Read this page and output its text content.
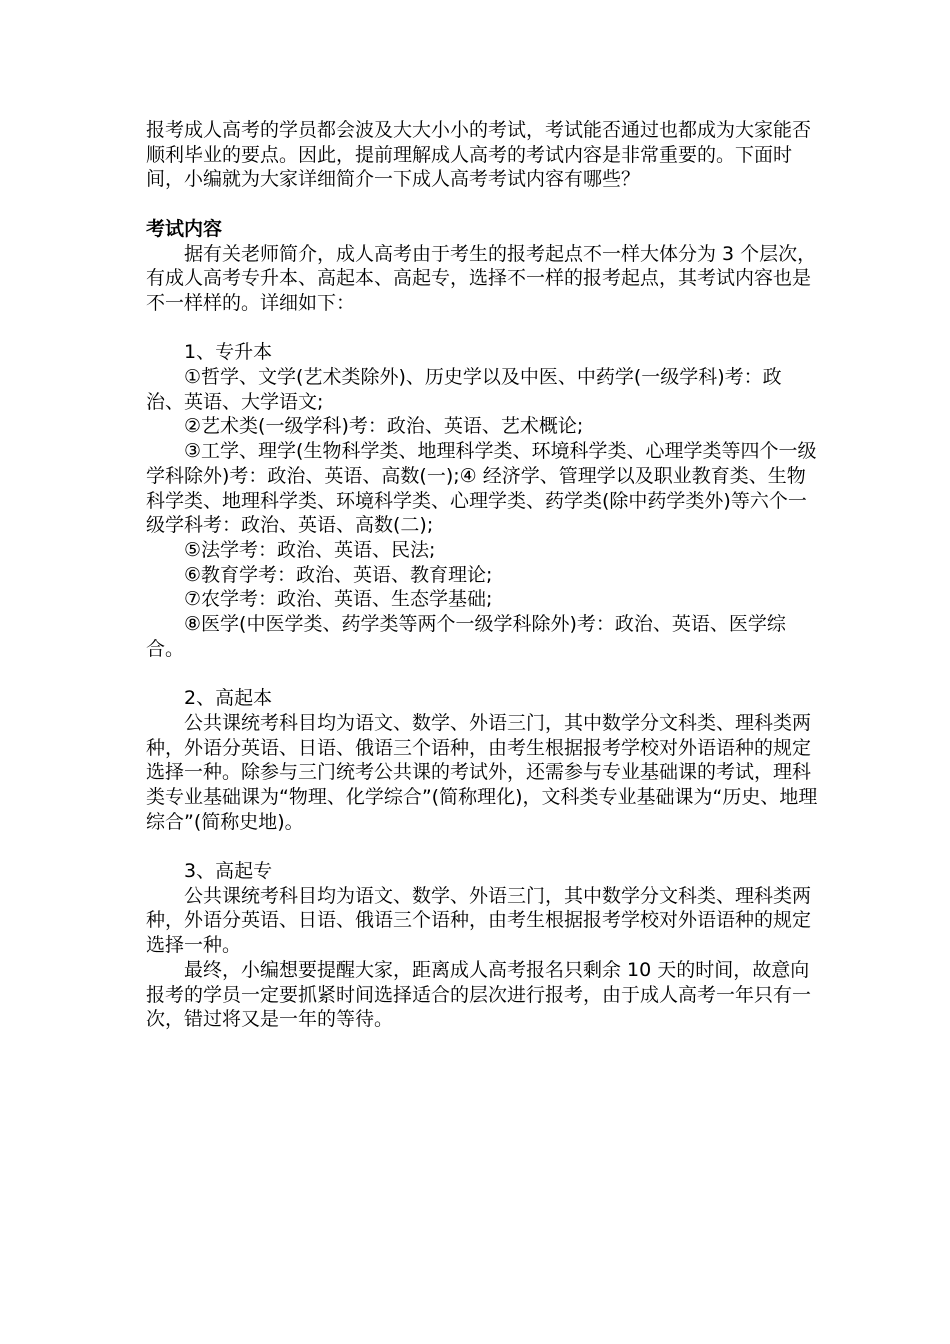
报考成人高考的学员都会波及大大小小的考试，考试能否通过也都成为大家能否顺利毕业的要点。因此，提前理解成人高考的考试内容是非常重要的。下面时间，小编就为大家详细简介一下成人高考考试内容有哪些？

考试内容

据有关老师简介，成人高考由于考生的报考起点不一样大体分为 3 个层次，有成人高考专升本、高起本、高起专，选择不一样的报考起点，其考试内容也是不一样样的。详细如下：

1、专升本

①哲学、文学(艺术类除外)、历史学以及中医、中药学(一级学科)考：政治、英语、大学语文;

②艺术类(一级学科)考：政治、英语、艺术概论;

③工学、理学(生物科学类、地理科学类、环境科学类、心理学类等四个一级学科除外)考：政治、英语、高数(一);④ 经济学、管理学以及职业教育类、生物科学类、地理科学类、环境科学类、心理学类、药学类(除中药学类外)等六个一级学科考：政治、英语、高数(二);

⑤法学考：政治、英语、民法;

⑥教育学考：政治、英语、教育理论;

⑦农学考：政治、英语、生态学基础;

⑧医学(中医学类、药学类等两个一级学科除外)考：政治、英语、医学综合。

2、高起本

公共课统考科目均为语文、数学、外语三门，其中数学分文科类、理科类两种，外语分英语、日语、俄语三个语种，由考生根据报考学校对外语语种的规定选择一种。除参与三门统考公共课的考试外，还需参与专业基础课的考试，理科类专业基础课为“物理、化学综合”(简称理化)，文科类专业基础课为“历史、地理综合”(简称史地)。

3、高起专

公共课统考科目均为语文、数学、外语三门，其中数学分文科类、理科类两种，外语分英语、日语、俄语三个语种，由考生根据报考学校对外语语种的规定选择一种。

最终，小编想要提醒大家，距离成人高考报名只剩余 10 天的时间，故意向报考的学员一定要抓紧时间选择适合的层次进行报考，由于成人高考一年只有一次，错过将又是一年的等待。
